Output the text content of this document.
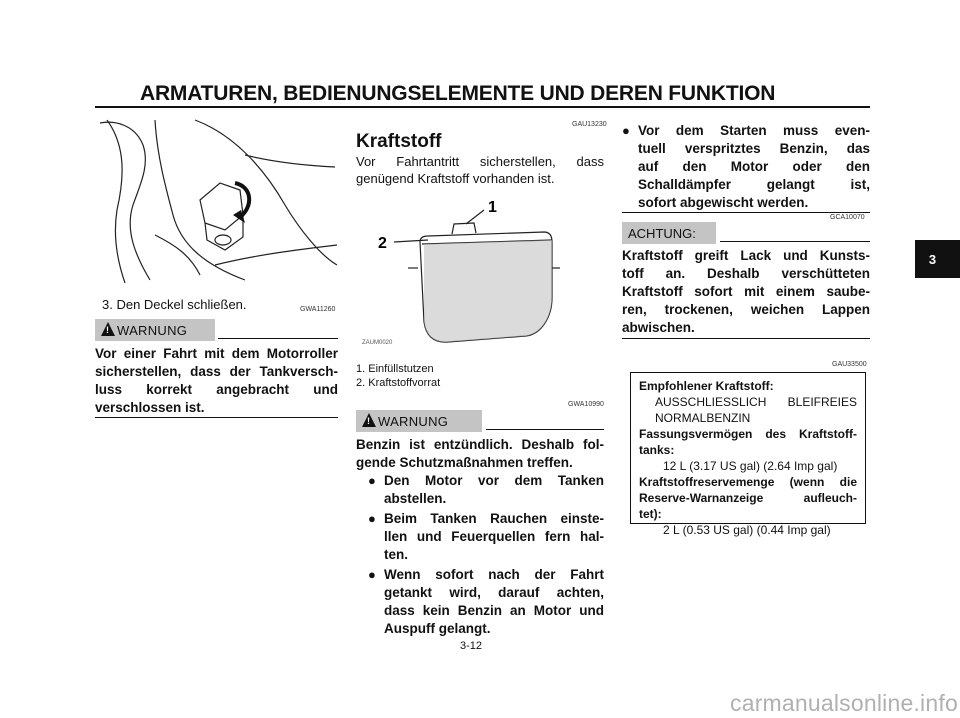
ARMATUREN, BEDIENUNGSELEMENTE UND DEREN FUNKTION
3
3. Den Deckel schließen.	GWA11260
! WARNUNG
Vor einer Fahrt mit dem Motorroller
sicherstellen, dass der Tankversch-
luss korrekt angebracht und
verschlossen ist.
GAU13230
Kraftstoff
Vor Fahrtantritt sicherstellen, dass
genügend Kraftstoff vorhanden ist.
1
2
ZAUM0020
1. Einfüllstutzen
2. Kraftstoffvorrat
GWA10990
! WARNUNG
Benzin ist entzündlich. Deshalb fol-
gende Schutzmaßnahmen treffen.
● Den Motor vor dem Tanken
abstellen.
● Beim Tanken Rauchen einste-
llen und Feuerquellen fern hal-
ten.
● Wenn sofort nach der Fahrt
getankt wird, darauf achten,
dass kein Benzin an Motor und
Auspuff gelangt.
● Vor dem Starten muss even-
tuell verspritztes Benzin, das
auf den Motor oder den
Schalldämpfer gelangt ist,
sofort abgewischt werden.
GCA10070
ACHTUNG:
Kraftstoff greift Lack und Kunsts-
toff an. Deshalb verschütteten
Kraftstoff sofort mit einem saube-
ren, trockenen, weichen Lappen
abwischen.
GAU33500
Empfohlener Kraftstoff:
AUSSCHLIESSLICH BLEIFREIES
NORMALBENZIN
Fassungsvermögen des Kraftstoff-
tanks:
12 L (3.17 US gal) (2.64 Imp gal)
Kraftstoffreservemenge (wenn die
Reserve-Warnanzeige aufleuch-
tet):
2 L (0.53 US gal) (0.44 Imp gal)
3-12
carmanualsonline.info
